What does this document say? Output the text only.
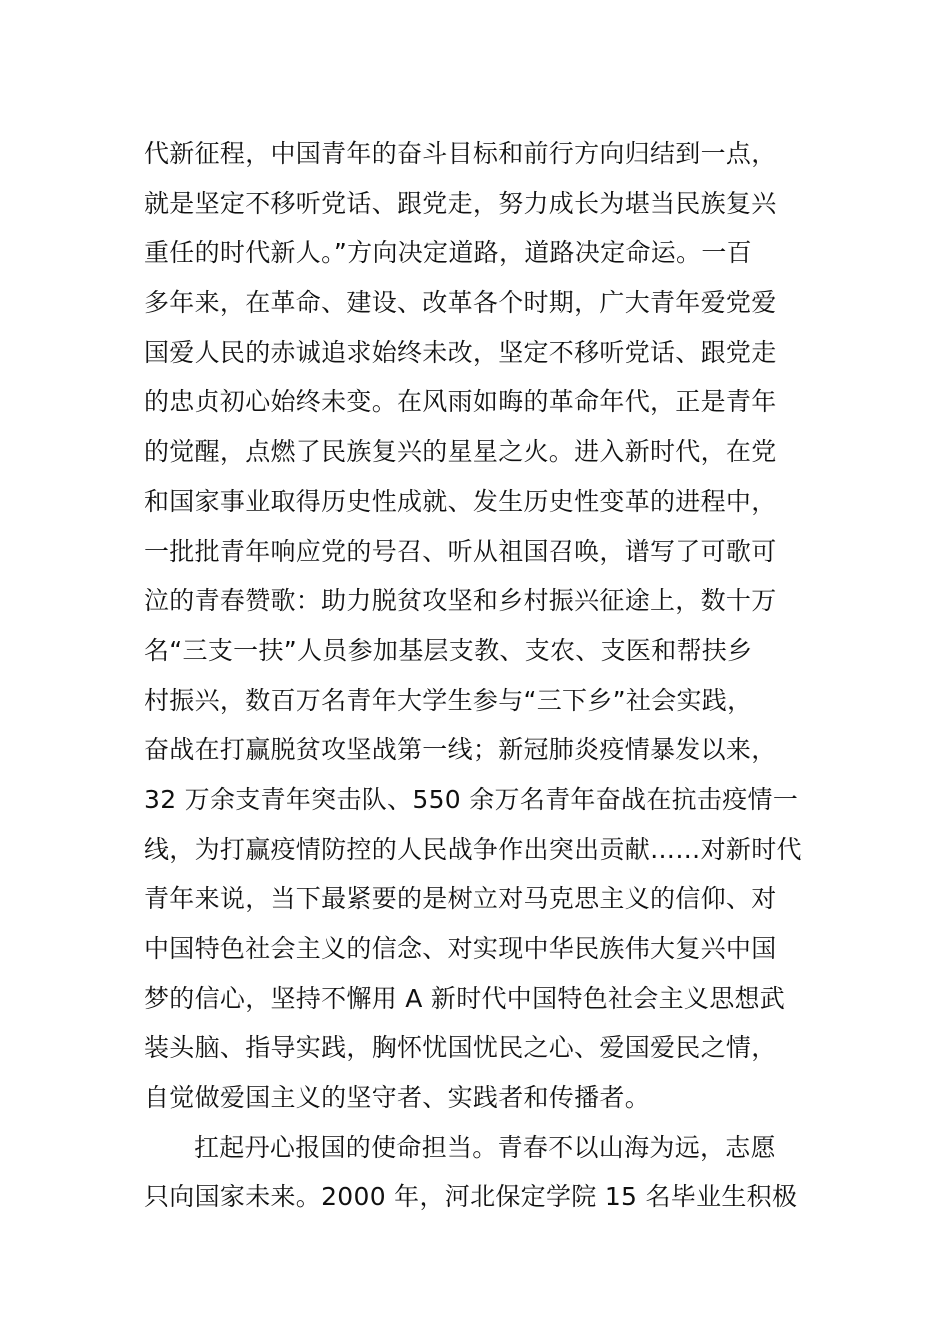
代新征程，中国青年的奋斗目标和前行方向归结到一点，
就是坚定不移听党话、跟党走，努力成长为堪当民族复兴
重任的时代新人。”方向决定道路，道路决定命运。一百
多年来，在革命、建设、改革各个时期，广大青年爱党爱
国爱人民的赤诚追求始终未改，坚定不移听党话、跟党走
的忠贞初心始终未变。在风雨如晦的革命年代，正是青年
的觉醒，点燃了民族复兴的星星之火。进入新时代，在党
和国家事业取得历史性成就、发生历史性变革的进程中，
一批批青年响应党的号召、听从祖国召唤，谱写了可歌可
泣的青春赞歌：助力脱贫攻坚和乡村振兴征途上，数十万
名“三支一扶”人员参加基层支教、支农、支医和帮扶乡
村振兴，数百万名青年大学生参与“三下乡”社会实践，
奋战在打赢脱贫攻坚战第一线；新冠肺炎疫情暴发以来，
32 万余支青年突击队、550 余万名青年奋战在抗击疫情一
线，为打赢疫情防控的人民战争作出突出贡献……对新时代
青年来说，当下最紧要的是树立对马克思主义的信仰、对
中国特色社会主义的信念、对实现中华民族伟大复兴中国
梦的信心，坚持不懈用 A 新时代中国特色社会主义思想武
装头脑、指导实践，胸怀忧国忧民之心、爱国爱民之情，
自觉做爱国主义的坚守者、实践者和传播者。
扛起丹心报国的使命担当。青春不以山海为远，志愿
只向国家未来。2000 年，河北保定学院 15 名毕业生积极
